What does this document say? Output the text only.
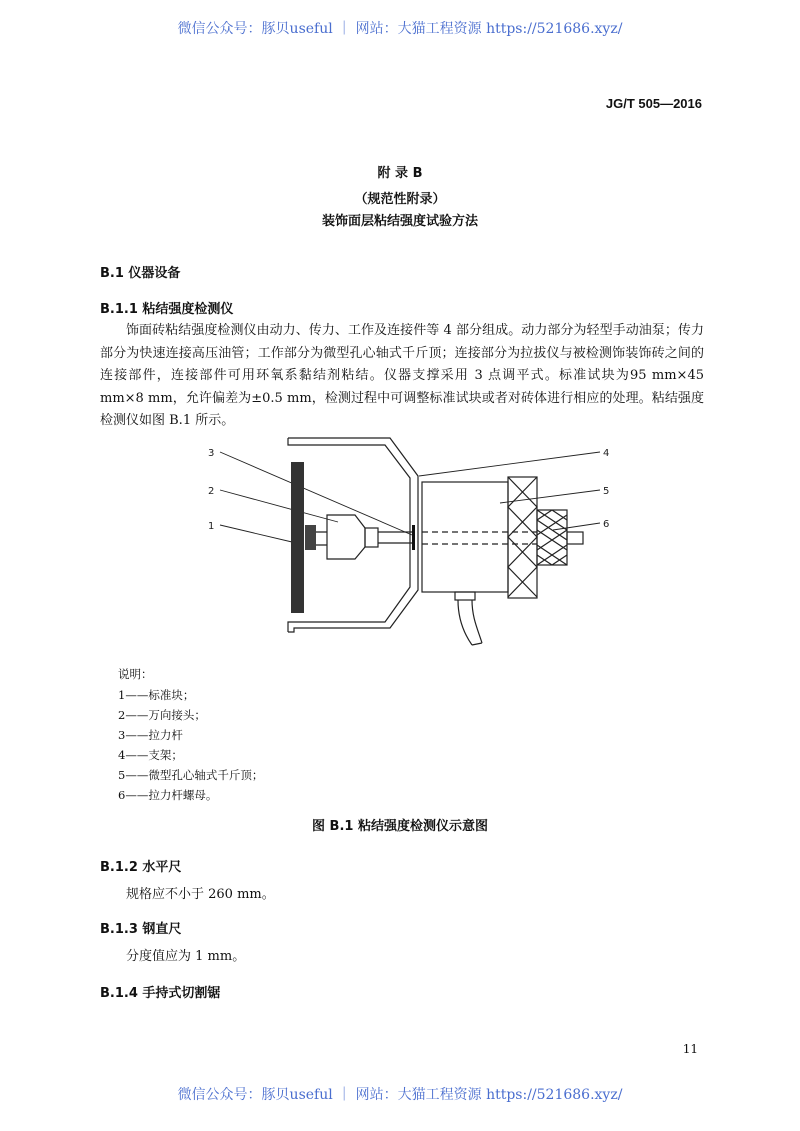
微信公众号：豚贝useful ｜ 网站：大猫工程资源 https://521686.xyz/
JG/T 505—2016
附 录 B
（规范性附录）
装饰面层粘结强度试验方法
B.1 仪器设备
B.1.1 粘结强度检测仪
饰面砖粘结强度检测仪由动力、传力、工作及连接件等 4 部分组成。动力部分为轻型手动油泵；传力部分为快速连接高压油管；工作部分为微型孔心轴式千斤顶；连接部分为拉拔仪与被检测饰装饰砖之间的连接部件，连接部件可用环氧系黏结剂粘结。仪器支撑采用 3 点调平式。标准试块为95 mm×45 mm×8 mm，允许偏差为±0.5 mm，检测过程中可调整标准试块或者对砖体进行相应的处理。粘结强度检测仪如图 B.1 所示。
3
2
1
4
5
6
说明：
1——标准块；
2——万向接头；
3——拉力杆
4——支架；
5——微型孔心轴式千斤顶；
6——拉力杆螺母。
图 B.1 粘结强度检测仪示意图
B.1.2 水平尺
规格应不小于 260 mm。
B.1.3 钢直尺
分度值应为 1 mm。
B.1.4 手持式切割锯
11
微信公众号：豚贝useful ｜ 网站：大猫工程资源 https://521686.xyz/
